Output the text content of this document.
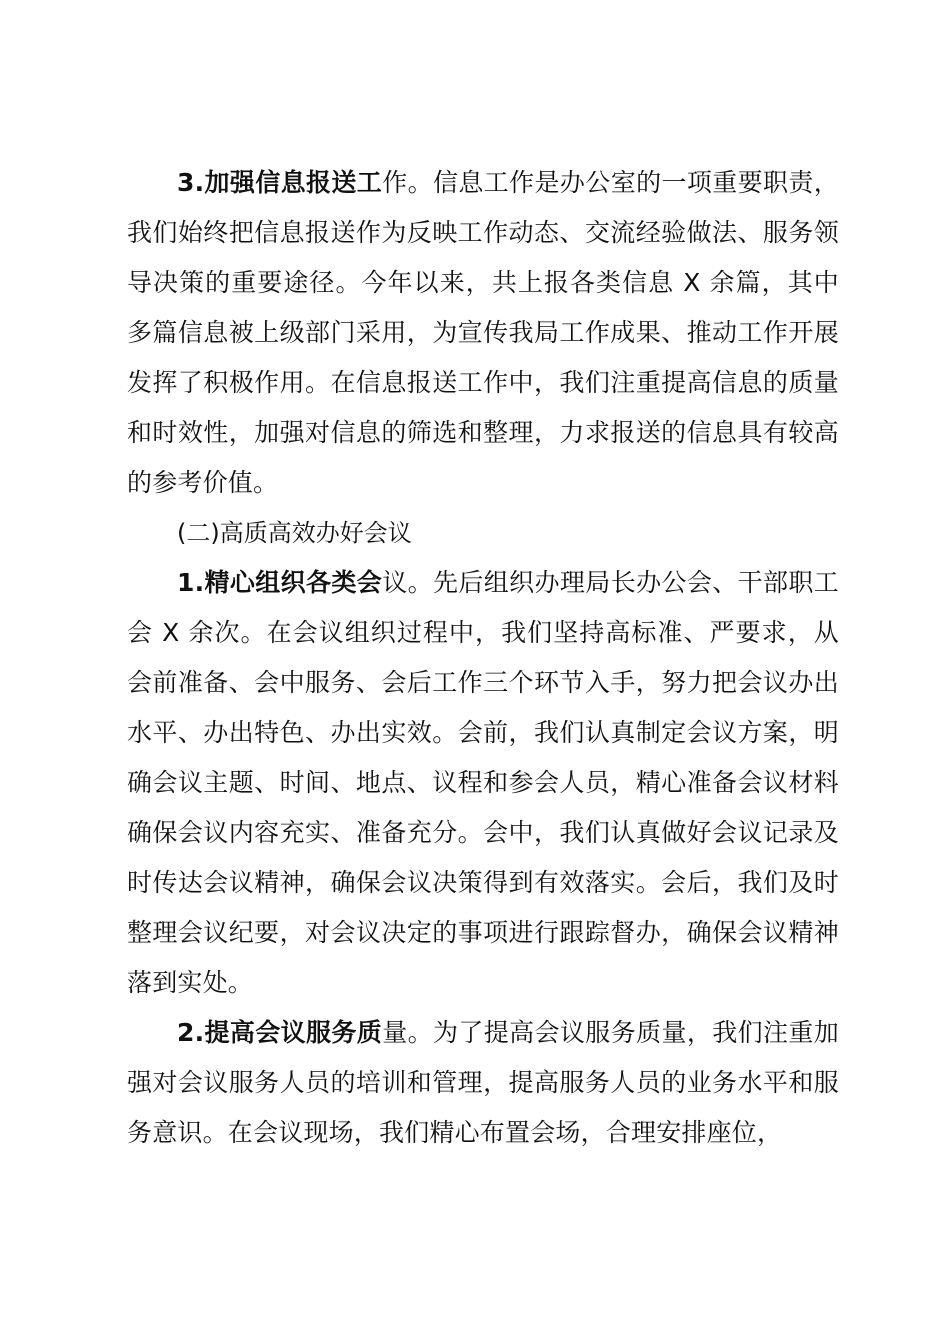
3.加强信息报送工作。信息工作是办公室的一项重要职责，我们始终把信息报送作为反映工作动态、交流经验做法、服务领导决策的重要途径。今年以来，共上报各类信息 X 余篇，其中多篇信息被上级部门采用，为宣传我局工作成果、推动工作开展发挥了积极作用。在信息报送工作中，我们注重提高信息的质量和时效性，加强对信息的筛选和整理，力求报送的信息具有较高的参考价值。

(二)高质高效办好会议

1.精心组织各类会议。先后组织办理局长办公会、干部职工会 X 余次。在会议组织过程中，我们坚持高标准、严要求，从会前准备、会中服务、会后工作三个环节入手，努力把会议办出水平、办出特色、办出实效。会前，我们认真制定会议方案，明确会议主题、时间、地点、议程和参会人员，精心准备会议材料确保会议内容充实、准备充分。会中，我们认真做好会议记录及时传达会议精神，确保会议决策得到有效落实。会后，我们及时整理会议纪要，对会议决定的事项进行跟踪督办，确保会议精神落到实处。

2.提高会议服务质量。为了提高会议服务质量，我们注重加强对会议服务人员的培训和管理，提高服务人员的业务水平和服务意识。在会议现场，我们精心布置会场，合理安排座位，
